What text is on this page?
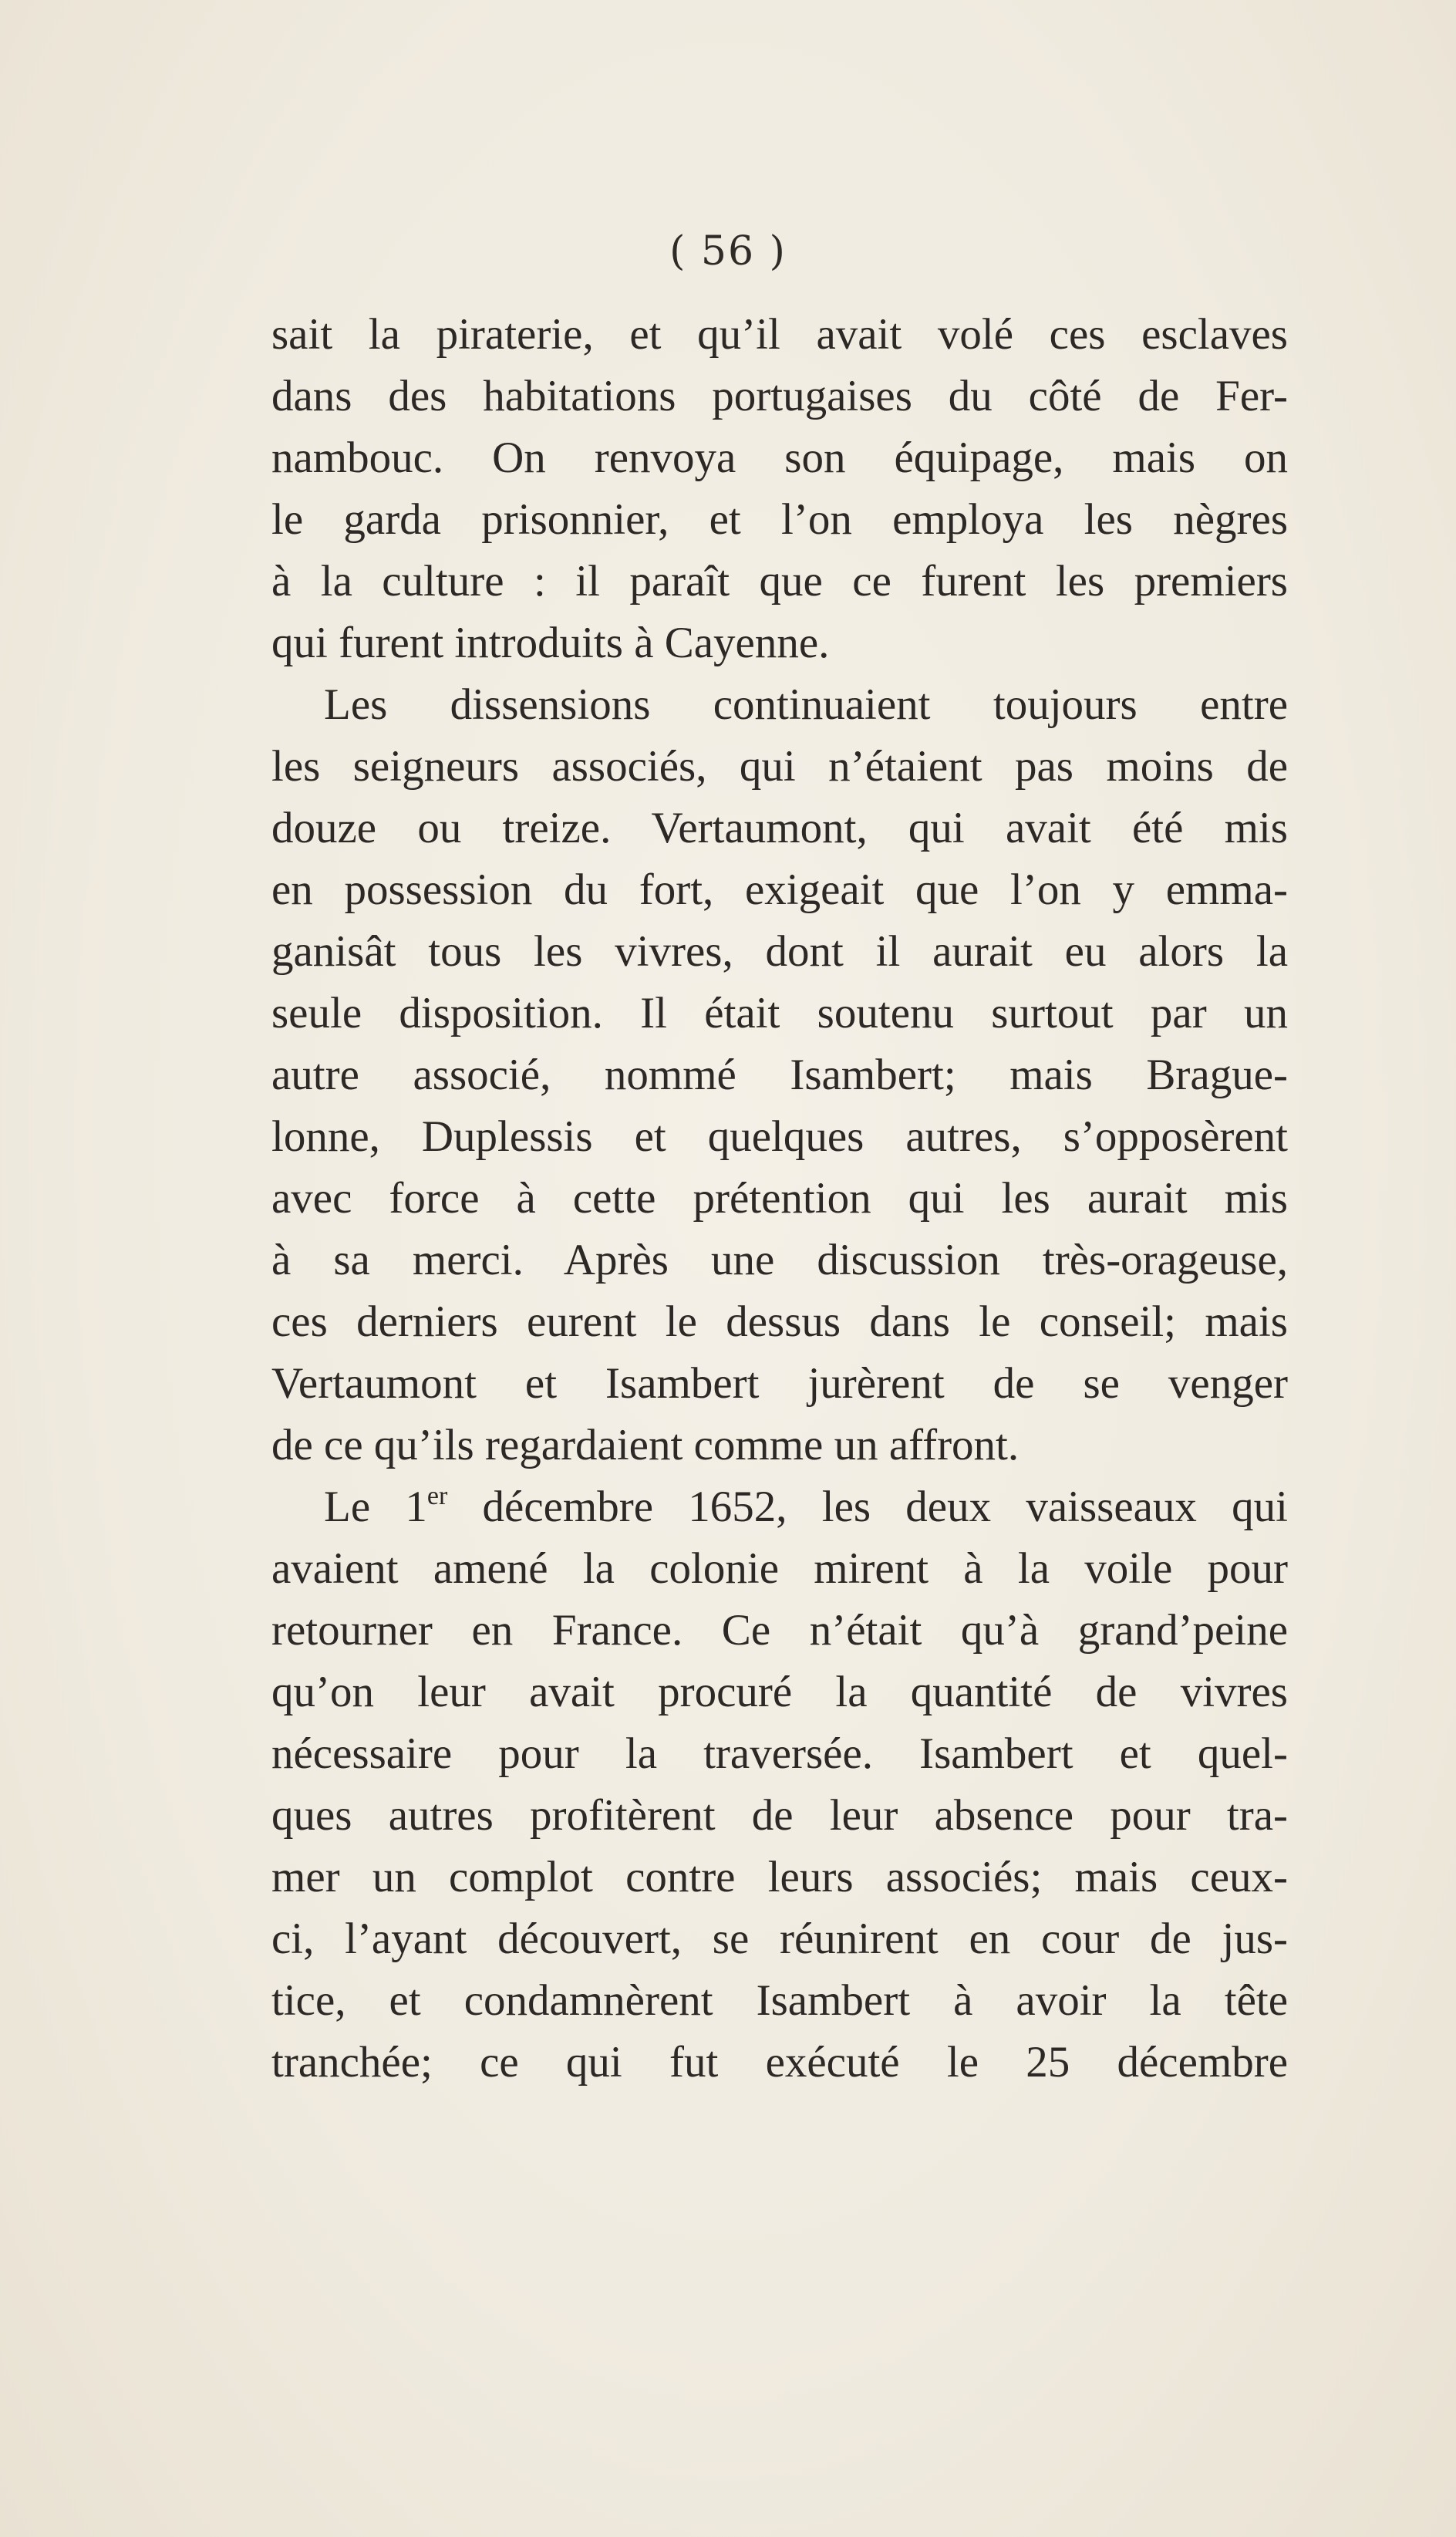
( 56 )
sait la piraterie, et qu’il avait volé ces esclaves
dans des habitations portugaises du côté de Fer-
nambouc. On renvoya son équipage, mais on
le garda prisonnier, et l’on employa les nègres
à la culture : il paraît que ce furent les premiers
qui furent introduits à Cayenne.
Les dissensions continuaient toujours entre
les seigneurs associés, qui n’étaient pas moins de
douze ou treize. Vertaumont, qui avait été mis
en possession du fort, exigeait que l’on y emma-
ganisât tous les vivres, dont il aurait eu alors la
seule disposition. Il était soutenu surtout par un
autre associé, nommé Isambert; mais Brague-
lonne, Duplessis et quelques autres, s’opposèrent
avec force à cette prétention qui les aurait mis
à sa merci. Après une discussion très-orageuse,
ces derniers eurent le dessus dans le conseil; mais
Vertaumont et Isambert jurèrent de se venger
de ce qu’ils regardaient comme un affront.
Le 1er décembre 1652, les deux vaisseaux qui
avaient amené la colonie mirent à la voile pour
retourner en France. Ce n’était qu’à grand’peine
qu’on leur avait procuré la quantité de vivres
nécessaire pour la traversée. Isambert et quel-
ques autres profitèrent de leur absence pour tra-
mer un complot contre leurs associés; mais ceux-
ci, l’ayant découvert, se réunirent en cour de jus-
tice, et condamnèrent Isambert à avoir la tête
tranchée; ce qui fut exécuté le 25 décembre
